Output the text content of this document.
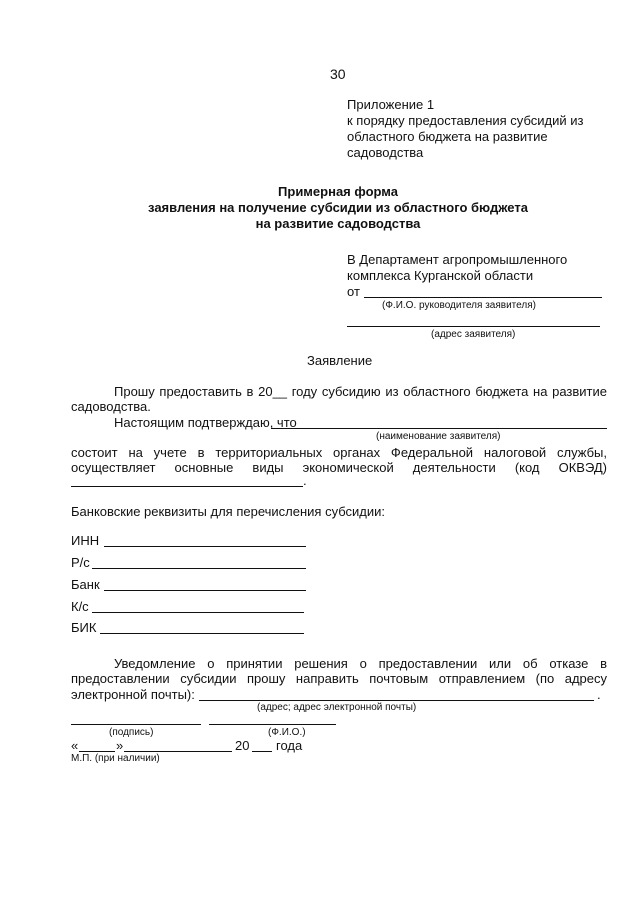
30
Приложение 1
к порядку предоставления субсидий из
областного бюджета на развитие
садоводства
Примерная форма
заявления на получение субсидии из областного бюджета
на развитие садоводства
В Департамент агропромышленного
комплекса Курганской области
от
(Ф.И.О. руководителя заявителя)
(адрес заявителя)
Заявление
Прошу предоставить в 20__ году субсидию из областного бюджета на развитие
садоводства.
Настоящим подтверждаю, что
(наименование заявителя)
состоит на учете в территориальных органах Федеральной налоговой службы,
осуществляет основные виды экономической деятельности (код ОКВЭД)
.
Банковские реквизиты для перечисления субсидии:
ИНН
Р/с
Банк
К/с
БИК
Уведомление о принятии решения о предоставлении или об отказе в
предоставлении субсидии прошу направить почтовым отправлением (по адресу
электронной почты):	.
(адрес; адрес электронной почты)
(подпись)	(Ф.И.О.)
«	»	20 года
М.П. (при наличии)
